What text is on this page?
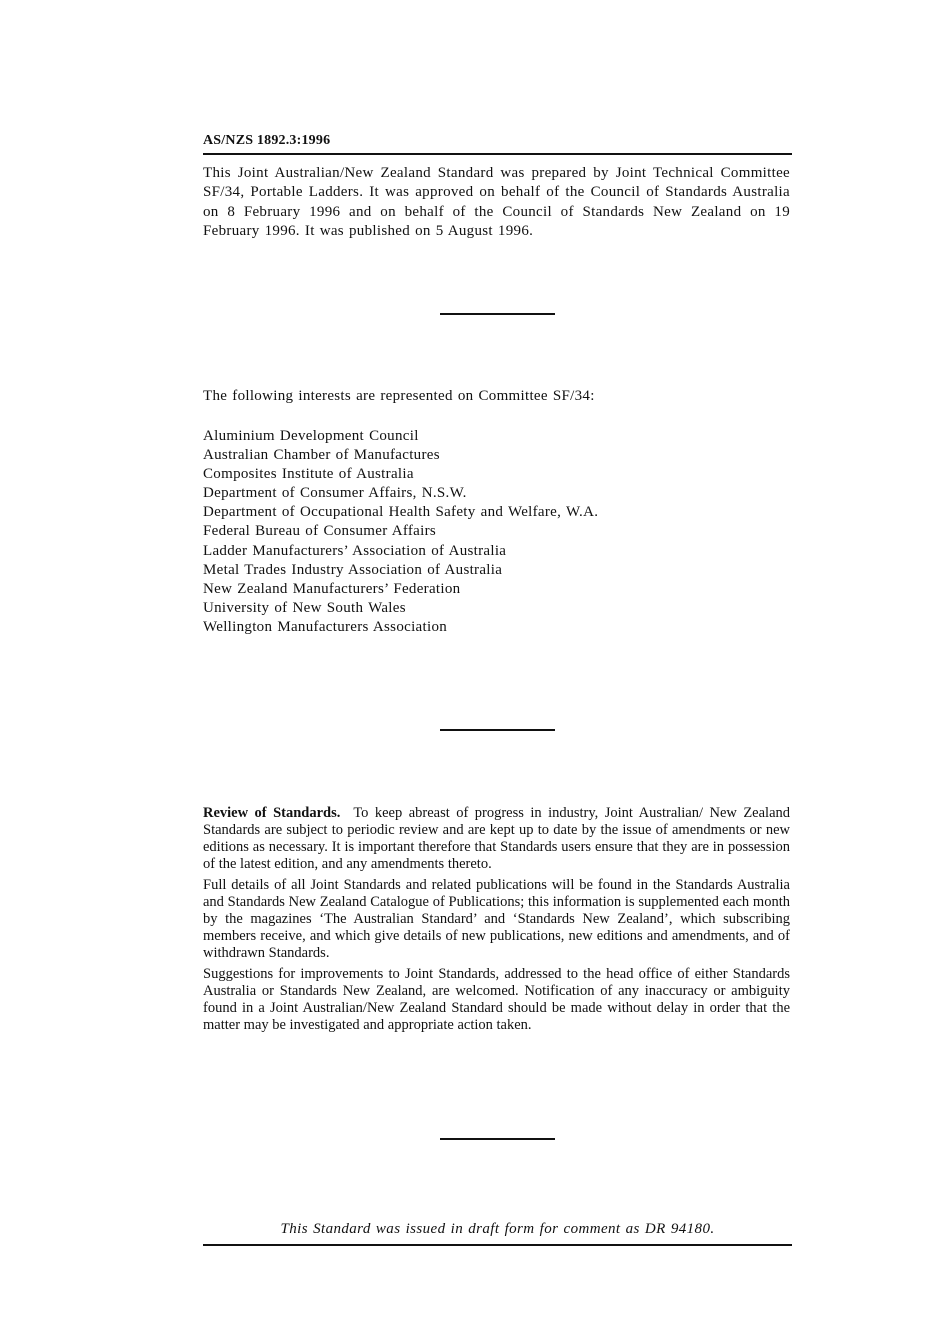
AS/NZS 1892.3:1996
This Joint Australian/New Zealand Standard was prepared by Joint Technical Committee SF/34, Portable Ladders. It was approved on behalf of the Council of Standards Australia on 8 February 1996 and on behalf of the Council of Standards New Zealand on 19 February 1996. It was published on 5 August 1996.
The following interests are represented on Committee SF/34:
Aluminium Development Council
Australian Chamber of Manufactures
Composites Institute of Australia
Department of Consumer Affairs, N.S.W.
Department of Occupational Health Safety and Welfare, W.A.
Federal Bureau of Consumer Affairs
Ladder Manufacturers’ Association of Australia
Metal Trades Industry Association of Australia
New Zealand Manufacturers’ Federation
University of New South Wales
Wellington Manufacturers Association

Review of Standards. To keep abreast of progress in industry, Joint Australian/ New Zealand Standards are subject to periodic review and are kept up to date by the issue of amendments or new editions as necessary. It is important therefore that Standards users ensure that they are in possession of the latest edition, and any amendments thereto.

Full details of all Joint Standards and related publications will be found in the Standards Australia and Standards New Zealand Catalogue of Publications; this information is supplemented each month by the magazines ‘The Australian Standard’ and ‘Standards New Zealand’, which subscribing members receive, and which give details of new publications, new editions and amendments, and of withdrawn Standards.

Suggestions for improvements to Joint Standards, addressed to the head office of either Standards Australia or Standards New Zealand, are welcomed. Notification of any inaccuracy or ambiguity found in a Joint Australian/New Zealand Standard should be made without delay in order that the matter may be investigated and appropriate action taken.

This Standard was issued in draft form for comment as DR 94180.
